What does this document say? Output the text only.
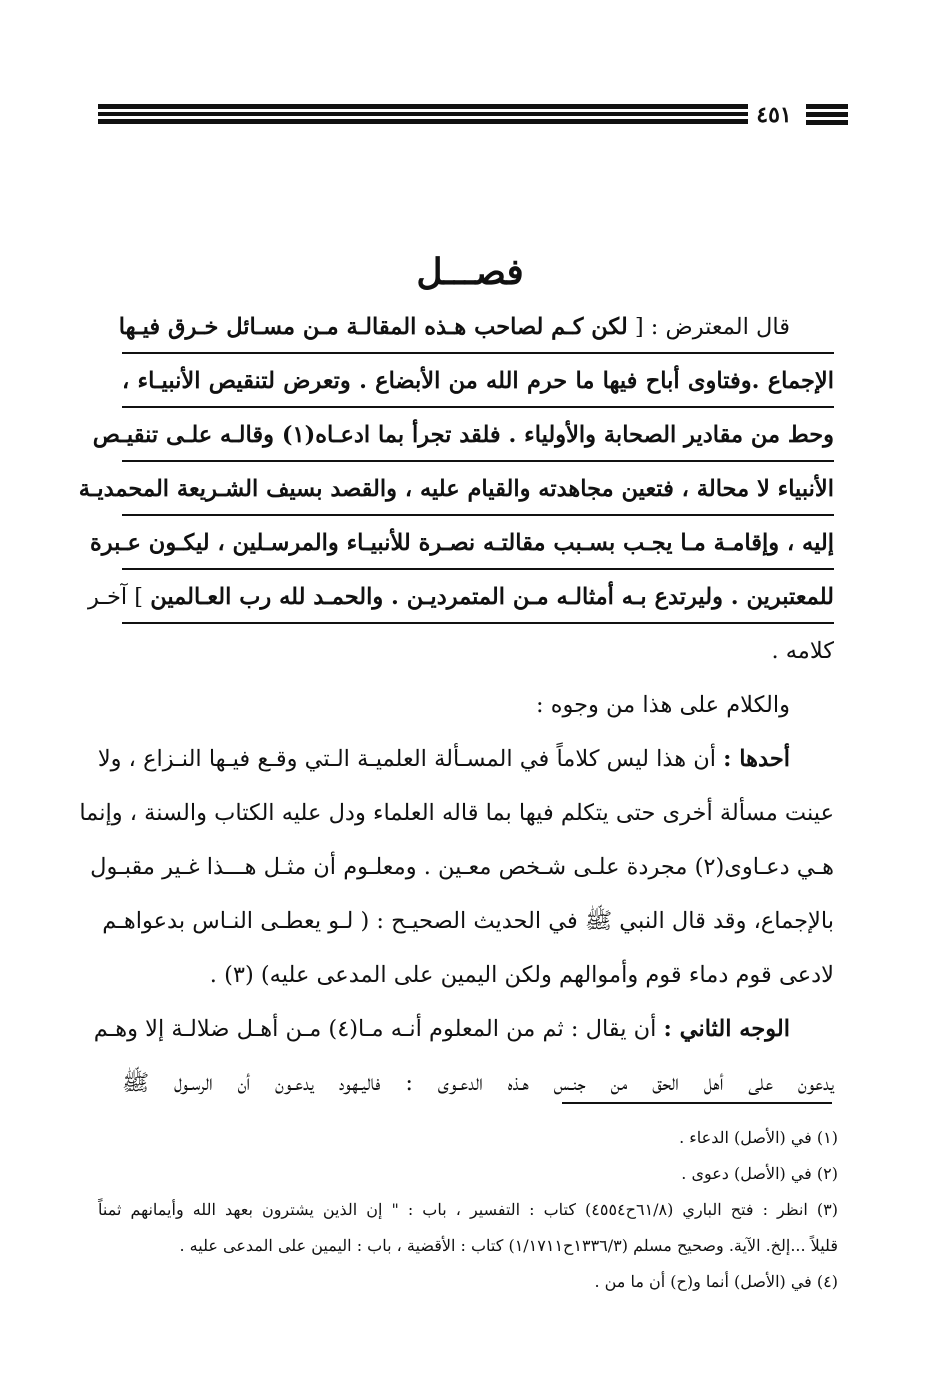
٤٥١
فصـــل
قال المعترض : [ لكن كـم لصاحب هـذه المقالـة مـن مسـائل خـرق فيـها
الإجماع .وفتاوى أباح فيها ما حرم الله من الأبضاع . وتعرض لتنقيص الأنبيـاء ،
وحط من مقادير الصحابة والأولياء . فلقد تجرأ بما ادعـاه(١) وقالـه علـى تنقيـص
الأنبياء لا محالة ، فتعين مجاهدته والقيام عليه ، والقصد بسيف الشـريعة المحمديـة
إليه ، وإقامـة مـا يجـب بسـبب مقالتـه نصـرة للأنبيـاء والمرسـلين ، ليكـون عـبرة
للمعتبرين . وليرتدع بـه أمثالـه مـن المتمرديـن . والحمـد لله رب العـالمين ] آخـر
كلامه .
والكلام على هذا من وجوه :
أحدها : أن هذا ليس كلاماً في المسـألة العلميـة الـتي وقـع فيـها النـزاع ، ولا
عينت مسألة أخرى حتى يتكلم فيها بما قاله العلماء ودل عليه الكتاب والسنة ، وإنما
هـي دعـاوى(٢) مجردة علـى شـخص معـين . ومعلـوم أن مثـل هـــذا غـير مقبـول
بالإجماع، وقد قال النبي ﷺ في الحديث الصحيـح : ( لـو يعطـى النـاس بدعواهـم
لادعى قوم دماء قوم وأموالهم ولكن اليمين على المدعى عليه) (٣) .
الوجه الثاني : أن يقال : ثم من المعلوم أنـه مـا(٤) مـن أهـل ضلالـة إلا وهـم
يدعون على أهل الحق من جنـس هـذه الدعـوى : فاليـهود يدعـون أن الرسـول ﷺ
(١) في (الأصل) الدعاء .
(٢) في (الأصل) دعوى .
(٣) انظر : فتح الباري (٦١/٨ح٤٥٥٤) كتاب : التفسير ، باب : " إن الذين يشترون بعهد الله وأيمانهم ثمناً
قليلاً ...إلخ. الآية. وصحيح مسلم (١٣٣٦/٣ح١/١٧١١) كتاب : الأقضية ، باب : اليمين على المدعى عليه .
(٤) في (الأصل) أنما و(ح) أن ما من .
